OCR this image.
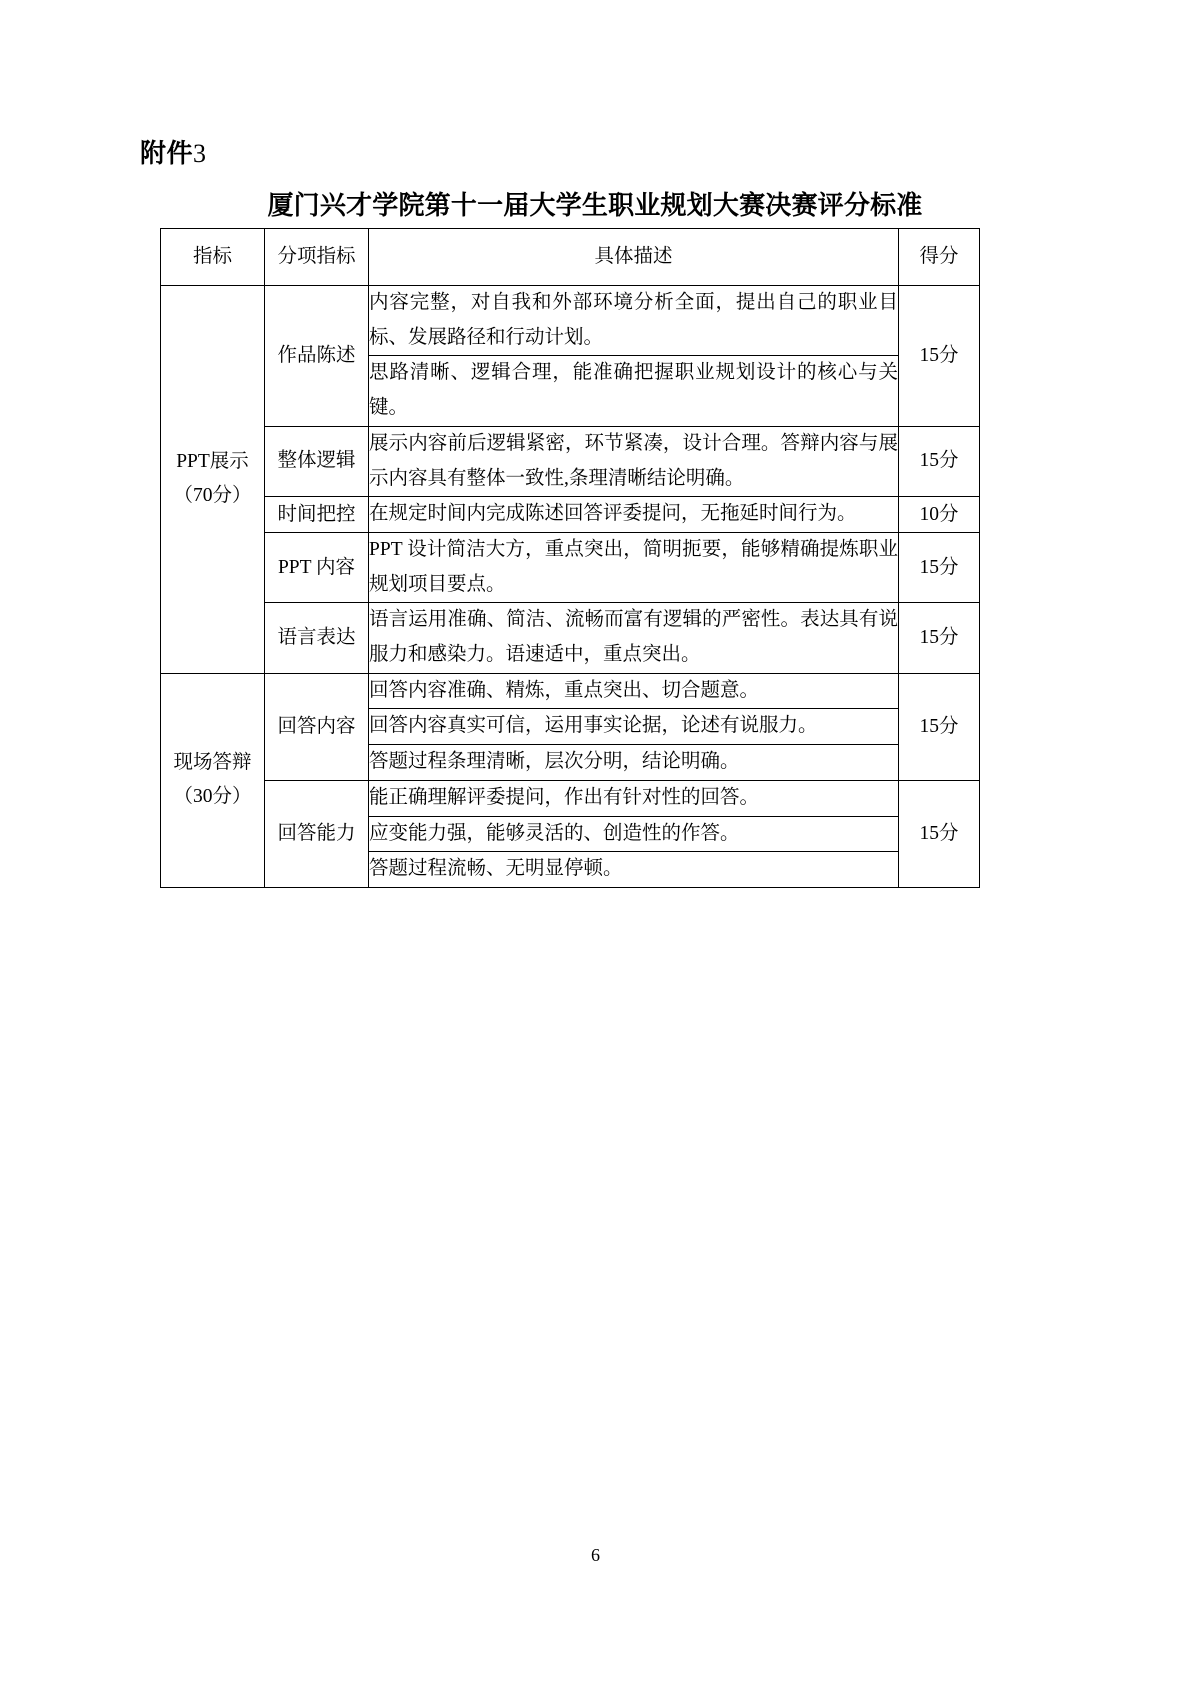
附件3
厦门兴才学院第十一届大学生职业规划大赛决赛评分标准
指标	分项指标	具体描述	得分
PPT展示
（70分）	作品陈述	内容完整，对自我和外部环境分析全面，提出自己的职业目标、发展路径和行动计划。	15分

		思路清晰、逻辑合理，能准确把握职业规划设计的核心与关键。	

	整体逻辑	展示内容前后逻辑紧密，环节紧凑，设计合理。答辩内容与展示内容具有整体一致性,条理清晰结论明确。	15分
	时间把控	在规定时间内完成陈述回答评委提问，无拖延时间行为。	10分
	PPT 内容	PPT 设计简洁大方，重点突出，简明扼要，能够精确提炼职业规划项目要点。	15分
	语言表达	语言运用准确、简洁、流畅而富有逻辑的严密性。表达具有说服力和感染力。语速适中，重点突出。	15分
现场答辩
（30分）	回答内容	回答内容准确、精炼，重点突出、切合题意。	15分

		回答内容真实可信，运用事实论据，论述有说服力。	

		答题过程条理清晰，层次分明，结论明确。	

	回答能力	能正确理解评委提问，作出有针对性的回答。	15分

		应变能力强，能够灵活的、创造性的作答。	

		答题过程流畅、无明显停顿。	

6
